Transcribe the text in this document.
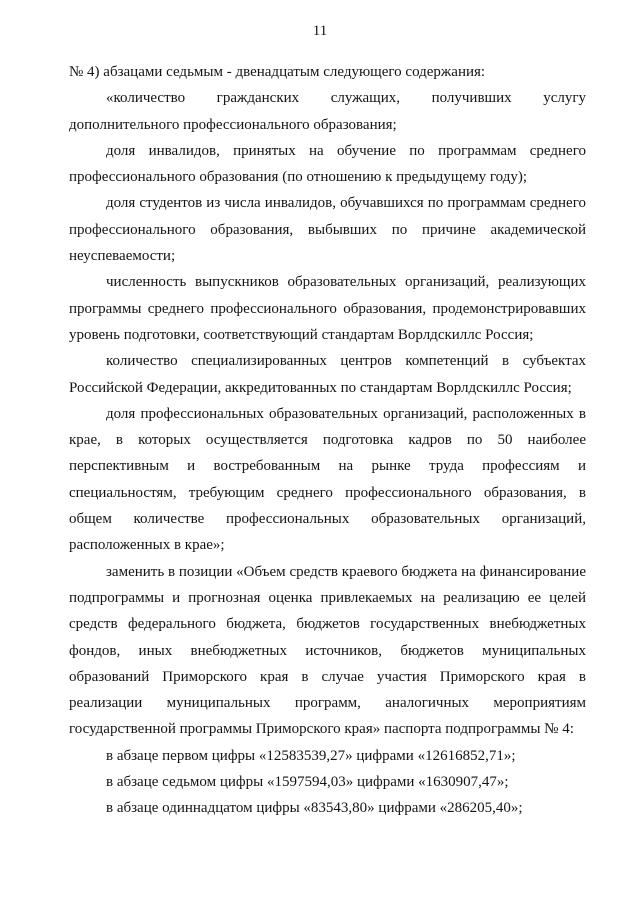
11

№ 4) абзацами седьмым - двенадцатым следующего содержания:

«количество гражданских служащих, получивших услугу дополнительного профессионального образования;

доля инвалидов, принятых на обучение по программам среднего профессионального образования (по отношению к предыдущему году);

доля студентов из числа инвалидов, обучавшихся по программам среднего профессионального образования, выбывших по причине академической неуспеваемости;

численность выпускников образовательных организаций, реализующих программы среднего профессионального образования, продемонстрировавших уровень подготовки, соответствующий стандартам Ворлдскиллс Россия;

количество специализированных центров компетенций в субъектах Российской Федерации, аккредитованных по стандартам Ворлдскиллс Россия;

доля профессиональных образовательных организаций, расположенных в крае, в которых осуществляется подготовка кадров по 50 наиболее перспективным и востребованным на рынке труда профессиям и специальностям, требующим среднего профессионального образования, в общем количестве профессиональных образовательных организаций, расположенных в крае»;

заменить в позиции «Объем средств краевого бюджета на финансирование подпрограммы и прогнозная оценка привлекаемых на реализацию ее целей средств федерального бюджета, бюджетов государственных внебюджетных фондов, иных внебюджетных источников, бюджетов муниципальных образований Приморского края в случае участия Приморского края в реализации муниципальных программ, аналогичных мероприятиям государственной программы Приморского края» паспорта подпрограммы № 4:

в абзаце первом цифры «12583539,27» цифрами «12616852,71»;

в абзаце седьмом цифры «1597594,03» цифрами «1630907,47»;

в абзаце одиннадцатом цифры «83543,80» цифрами «286205,40»;
